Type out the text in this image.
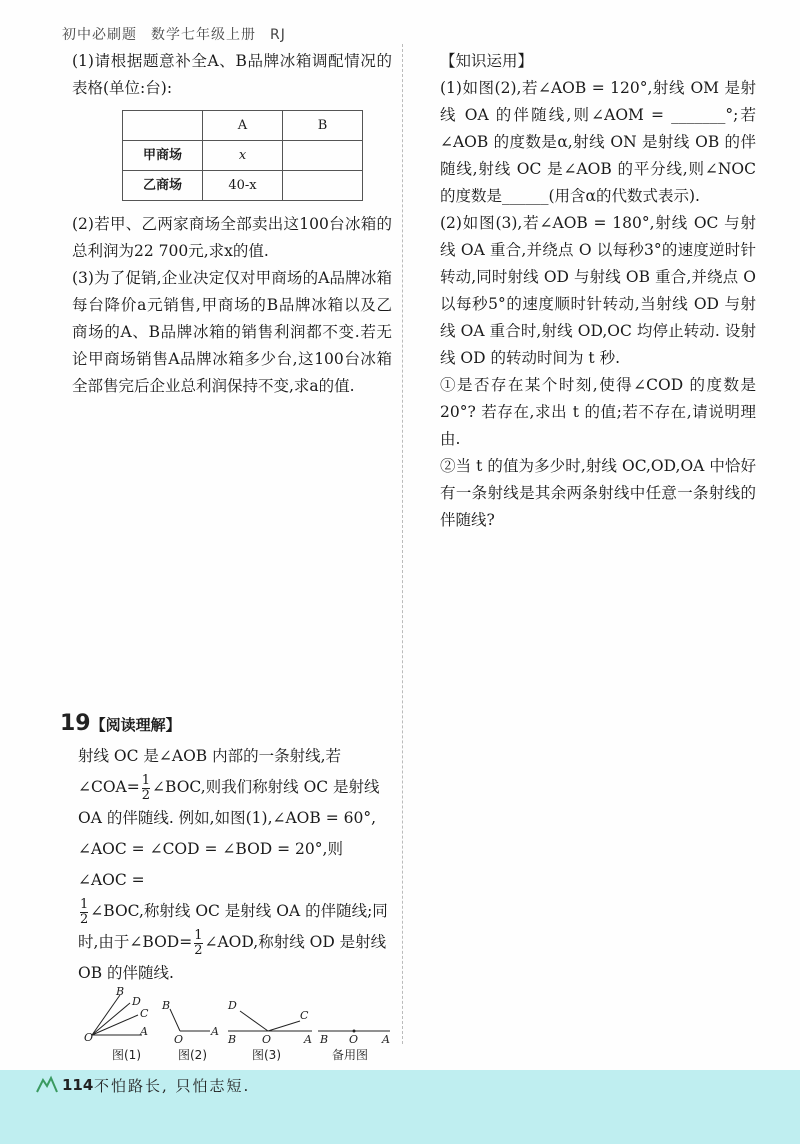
初中必刷题 数学七年级上册 RJ

(1)请根据题意补全A、B品牌冰箱调配情况的表格(单位:台):

	A	B
甲商场	x	
乙商场	40-x	

(2)若甲、乙两家商场全部卖出这100台冰箱的总利润为22 700元,求x的值.

(3)为了促销,企业决定仅对甲商场的A品牌冰箱每台降价a元销售,甲商场的B品牌冰箱以及乙商场的A、B品牌冰箱的销售利润都不变.若无论甲商场销售A品牌冰箱多少台,这100台冰箱全部售完后企业总利润保持不变,求a的值.

【知识运用】

(1)如图(2),若∠AOB = 120°,射线 OM 是射线 OA 的伴随线,则∠AOM = _______°;若∠AOB 的度数是α,射线 ON 是射线 OB 的伴随线,射线 OC 是∠AOB 的平分线,则∠NOC 的度数是______(用含α的代数式表示).

(2)如图(3),若∠AOB = 180°,射线 OC 与射线 OA 重合,并绕点 O 以每秒3°的速度逆时针转动,同时射线 OD 与射线 OB 重合,并绕点 O 以每秒5°的速度顺时针转动,当射线 OD 与射线 OA 重合时,射线 OD,OC 均停止转动. 设射线 OD 的转动时间为 t 秒.

①是否存在某个时刻,使得∠COD 的度数是20°? 若存在,求出 t 的值;若不存在,请说明理由.

②当 t 的值为多少时,射线 OC,OD,OA 中恰好有一条射线是其余两条射线中任意一条射线的伴随线?

19【阅读理解】
射线 OC 是∠AOB 内部的一条射线,若
∠COA= $\frac{1}{2}$ ∠BOC,则我们称射线 OC 是射线
OA 的伴随线. 例如,如图(1),∠AOB = 60°,
∠AOC = ∠COD = ∠BOD = 20°,则 ∠AOC =
$\frac{1}{2}$ ∠BOC,称射线 OC 是射线 OA 的伴随线;同
时,由于∠BOD= $\frac{1}{2}$ ∠AOD,称射线 OD 是射线
OB 的伴随线.
B
D
C
A
O
B
O
A
D
C
B O	A B O A
图(1)	图(2)	图(3)	备用图
114 不怕路长, 只怕志短.
